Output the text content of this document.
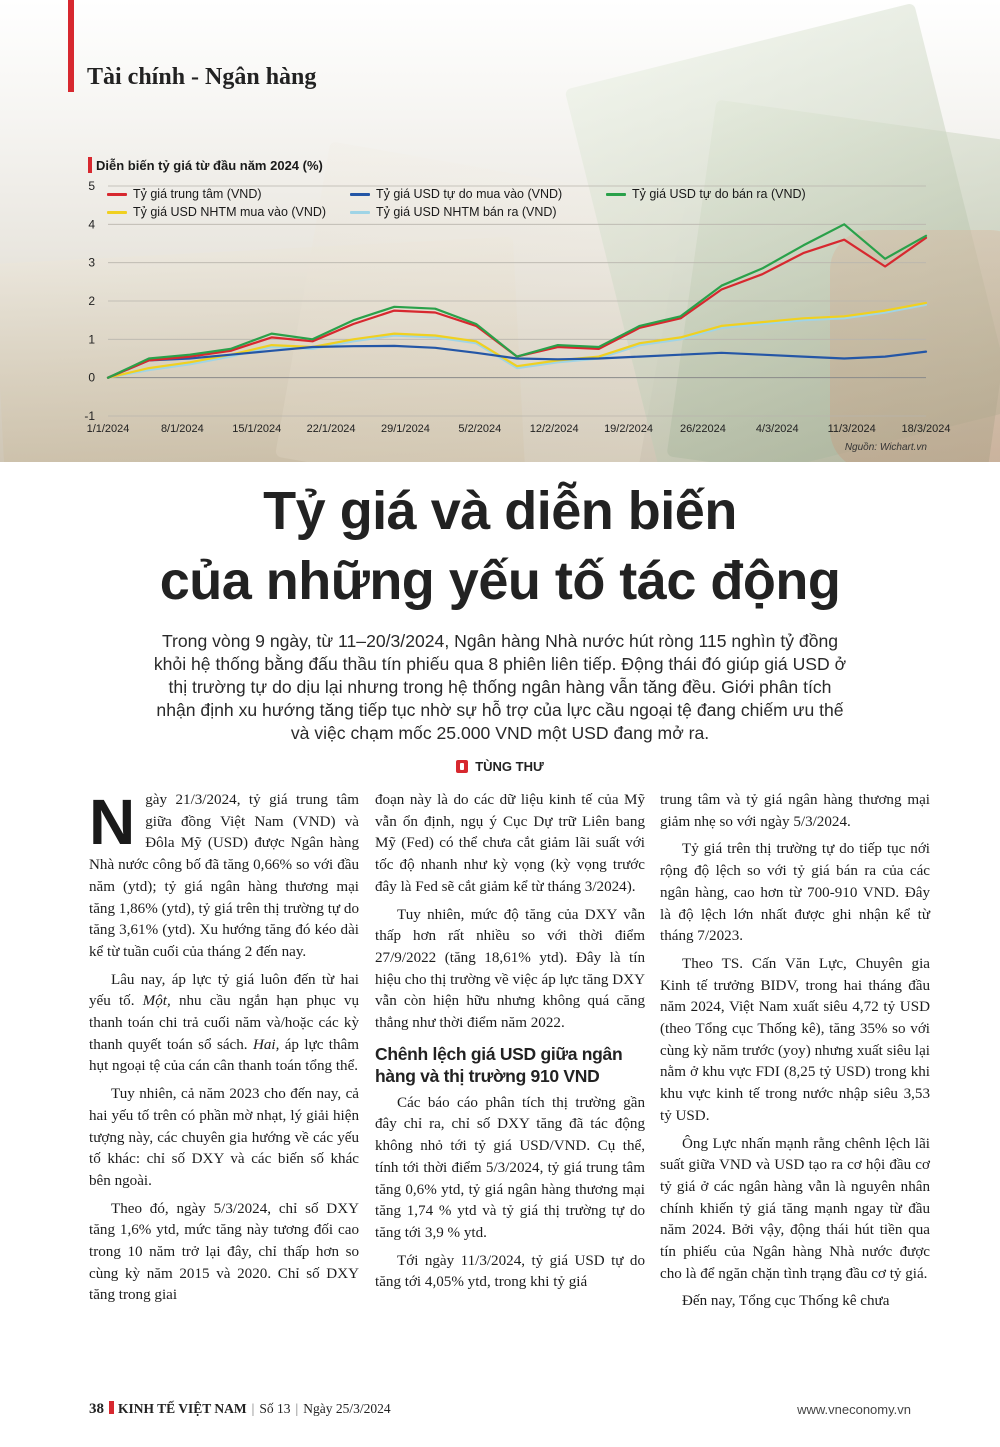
Tài chính - Ngân hàng
Diễn biến tỷ giá từ đầu năm 2024 (%)
-1
0
1
2
3
4
5
1/1/2024	8/1/2024	15/1/2024 22/1/2024 29/1/2024	5/2/2024	12/2/2024 19/2/2024 26/22024	4/3/2024	11/3/2024 18/3/2024
Tỷ giá trung tâm (VND)	Tỷ giá USD tự do mua vào (VND)	Tỷ giá USD tự do bán ra (VND)
Tỷ giá USD NHTM mua vào (VND)	Tỷ giá USD NHTM bán ra (VND)
Nguồn: Wichart.vn
Tỷ giá và diễn biến
của những yếu tố tác động
Trong vòng 9 ngày, từ 11–20/3/2024, Ngân hàng Nhà nước hút ròng 115 nghìn tỷ đồng khỏi hệ thống bằng đấu thầu tín phiếu qua 8 phiên liên tiếp. Động thái đó giúp giá USD ở thị trường tự do dịu lại nhưng trong hệ thống ngân hàng vẫn tăng đều. Giới phân tích nhận định xu hướng tăng tiếp tục nhờ sự hỗ trợ của lực cầu ngoại tệ đang chiếm ưu thế và việc chạm mốc 25.000 VND một USD đang mở ra.
TÙNG THƯ

Ngày 21/3/2024, tỷ giá trung tâm giữa đồng Việt Nam (VND) và Đôla Mỹ (USD) được Ngân hàng Nhà nước công bố đã tăng 0,66% so với đầu năm (ytd); tỷ giá ngân hàng thương mại tăng 1,86% (ytd), tỷ giá trên thị trường tự do tăng 3,61% (ytd). Xu hướng tăng đó kéo dài kể từ tuần cuối của tháng 2 đến nay.

Lâu nay, áp lực tỷ giá luôn đến từ hai yếu tố. Một, nhu cầu ngắn hạn phục vụ thanh toán chi trả cuối năm và/hoặc các kỳ thanh quyết toán sổ sách. Hai, áp lực thâm hụt ngoại tệ của cán cân thanh toán tổng thể.

Tuy nhiên, cả năm 2023 cho đến nay, cả hai yếu tố trên có phần mờ nhạt, lý giải hiện tượng này, các chuyên gia hướng về các yếu tố khác: chỉ số DXY và các biến số khác bên ngoài.

Theo đó, ngày 5/3/2024, chỉ số DXY tăng 1,6% ytd, mức tăng này tương đối cao trong 10 năm trở lại đây, chỉ thấp hơn so cùng kỳ năm 2015 và 2020. Chỉ số DXY tăng trong giai

đoạn này là do các dữ liệu kinh tế của Mỹ vẫn ổn định, ngụ ý Cục Dự trữ Liên bang Mỹ (Fed) có thể chưa cắt giảm lãi suất với tốc độ nhanh như kỳ vọng (kỳ vọng trước đây là Fed sẽ cắt giảm kể từ tháng 3/2024).

Tuy nhiên, mức độ tăng của DXY vẫn thấp hơn rất nhiều so với thời điểm 27/9/2022 (tăng 18,61% ytd). Đây là tín hiệu cho thị trường về việc áp lực tăng DXY vẫn còn hiện hữu nhưng không quá căng thẳng như thời điểm năm 2022.

Chênh lệch giá USD giữa ngân hàng và thị trường 910 VND

Các báo cáo phân tích thị trường gần đây chỉ ra, chỉ số DXY tăng đã tác động không nhỏ tới tỷ giá USD/VND. Cụ thể, tính tới thời điểm 5/3/2024, tỷ giá trung tâm tăng 0,6% ytd, tỷ giá ngân hàng thương mại tăng 1,74 % ytd và tỷ giá thị trường tự do tăng tới 3,9 % ytd.

Tới ngày 11/3/2024, tỷ giá USD tự do tăng tới 4,05% ytd, trong khi tỷ giá

trung tâm và tỷ giá ngân hàng thương mại giảm nhẹ so với ngày 5/3/2024.

Tỷ giá trên thị trường tự do tiếp tục nới rộng độ lệch so với tỷ giá bán ra của các ngân hàng, cao hơn từ 700-910 VND. Đây là độ lệch lớn nhất được ghi nhận kể từ tháng 7/2023.

Theo TS. Cấn Văn Lực, Chuyên gia Kinh tế trưởng BIDV, trong hai tháng đầu năm 2024, Việt Nam xuất siêu 4,72 tỷ USD (theo Tổng cục Thống kê), tăng 35% so với cùng kỳ năm trước (yoy) nhưng xuất siêu lại nằm ở khu vực FDI (8,25 tỷ USD) trong khi khu vực kinh tế trong nước nhập siêu 3,53 tỷ USD.

Ông Lực nhấn mạnh rằng chênh lệch lãi suất giữa VND và USD tạo ra cơ hội đầu cơ tỷ giá ở các ngân hàng vẫn là nguyên nhân chính khiến tỷ giá tăng mạnh ngay từ đầu năm 2024. Bởi vậy, động thái hút tiền qua tín phiếu của Ngân hàng Nhà nước được cho là để ngăn chặn tình trạng đầu cơ tỷ giá.

Đến nay, Tổng cục Thống kê chưa

38 KINH TẾ VIỆT NAM | Số 13 | Ngày 25/3/2024	www.vneconomy.vn
